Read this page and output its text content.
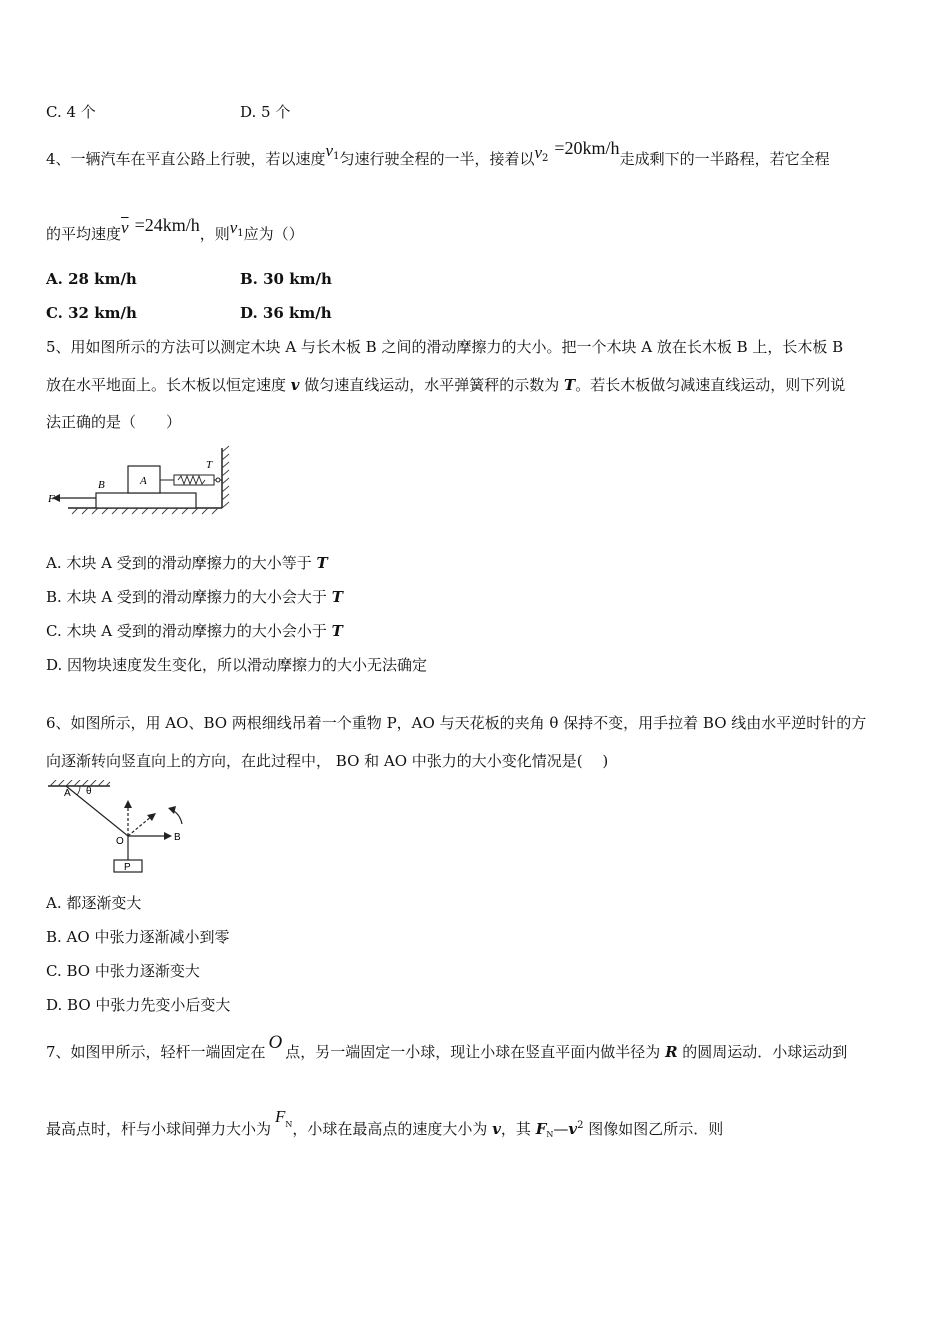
C. 4 个	D. 5 个
4、一辆汽车在平直公路上行驶，若以速度$v^1$匀速行驶全程的一半，接着以$v^2=20km/h$走成剩下的一半路程，若它全程
的平均速度$\overline{v} =24km/h$，则$v^1$应为（）
A. 28 km/h	B. 30 km/h
C. 32 km/h	D. 36 km/h
5、用如图所示的方法可以测定木块 A 与长木板 B 之间的滑动摩擦力的大小。把一个木块 A 放在长木板 B 上，长木板 B
放在水平地面上。长木板以恒定速度 v 做匀速直线运动，水平弹簧秤的示数为 T。若长木板做匀减速直线运动，则下列说
法正确的是（　　）
F
B	A
T
A. 木块 A 受到的滑动摩擦力的大小等于 T
B. 木块 A 受到的滑动摩擦力的大小会大于 T
C. 木块 A 受到的滑动摩擦力的大小会小于 T
D. 因物块速度发生变化，所以滑动摩擦力的大小无法确定
6、如图所示，用 AO、BO 两根细线吊着一个重物 P，AO 与天花板的夹角 θ 保持不变，用手拉着 BO 线由水平逆时针的方
向逐渐转向竖直向上的方向，在此过程中， BO 和 AO 中张力的大小变化情况是(　 )
A θ
O	B
P
A. 都逐渐变大
B. AO 中张力逐渐减小到零
C. BO 中张力逐渐变大
D. BO 中张力先变小后变大
7、如图甲所示，轻杆一端固定在 O 点，另一端固定一小球，现让小球在竖直平面内做半径为 R 的圆周运动．小球运动到
最高点时，杆与小球间弹力大小为$F^N$，小球在最高点的速度大小为 v，其 $F_N—v^2$ 图像如图乙所示．则
